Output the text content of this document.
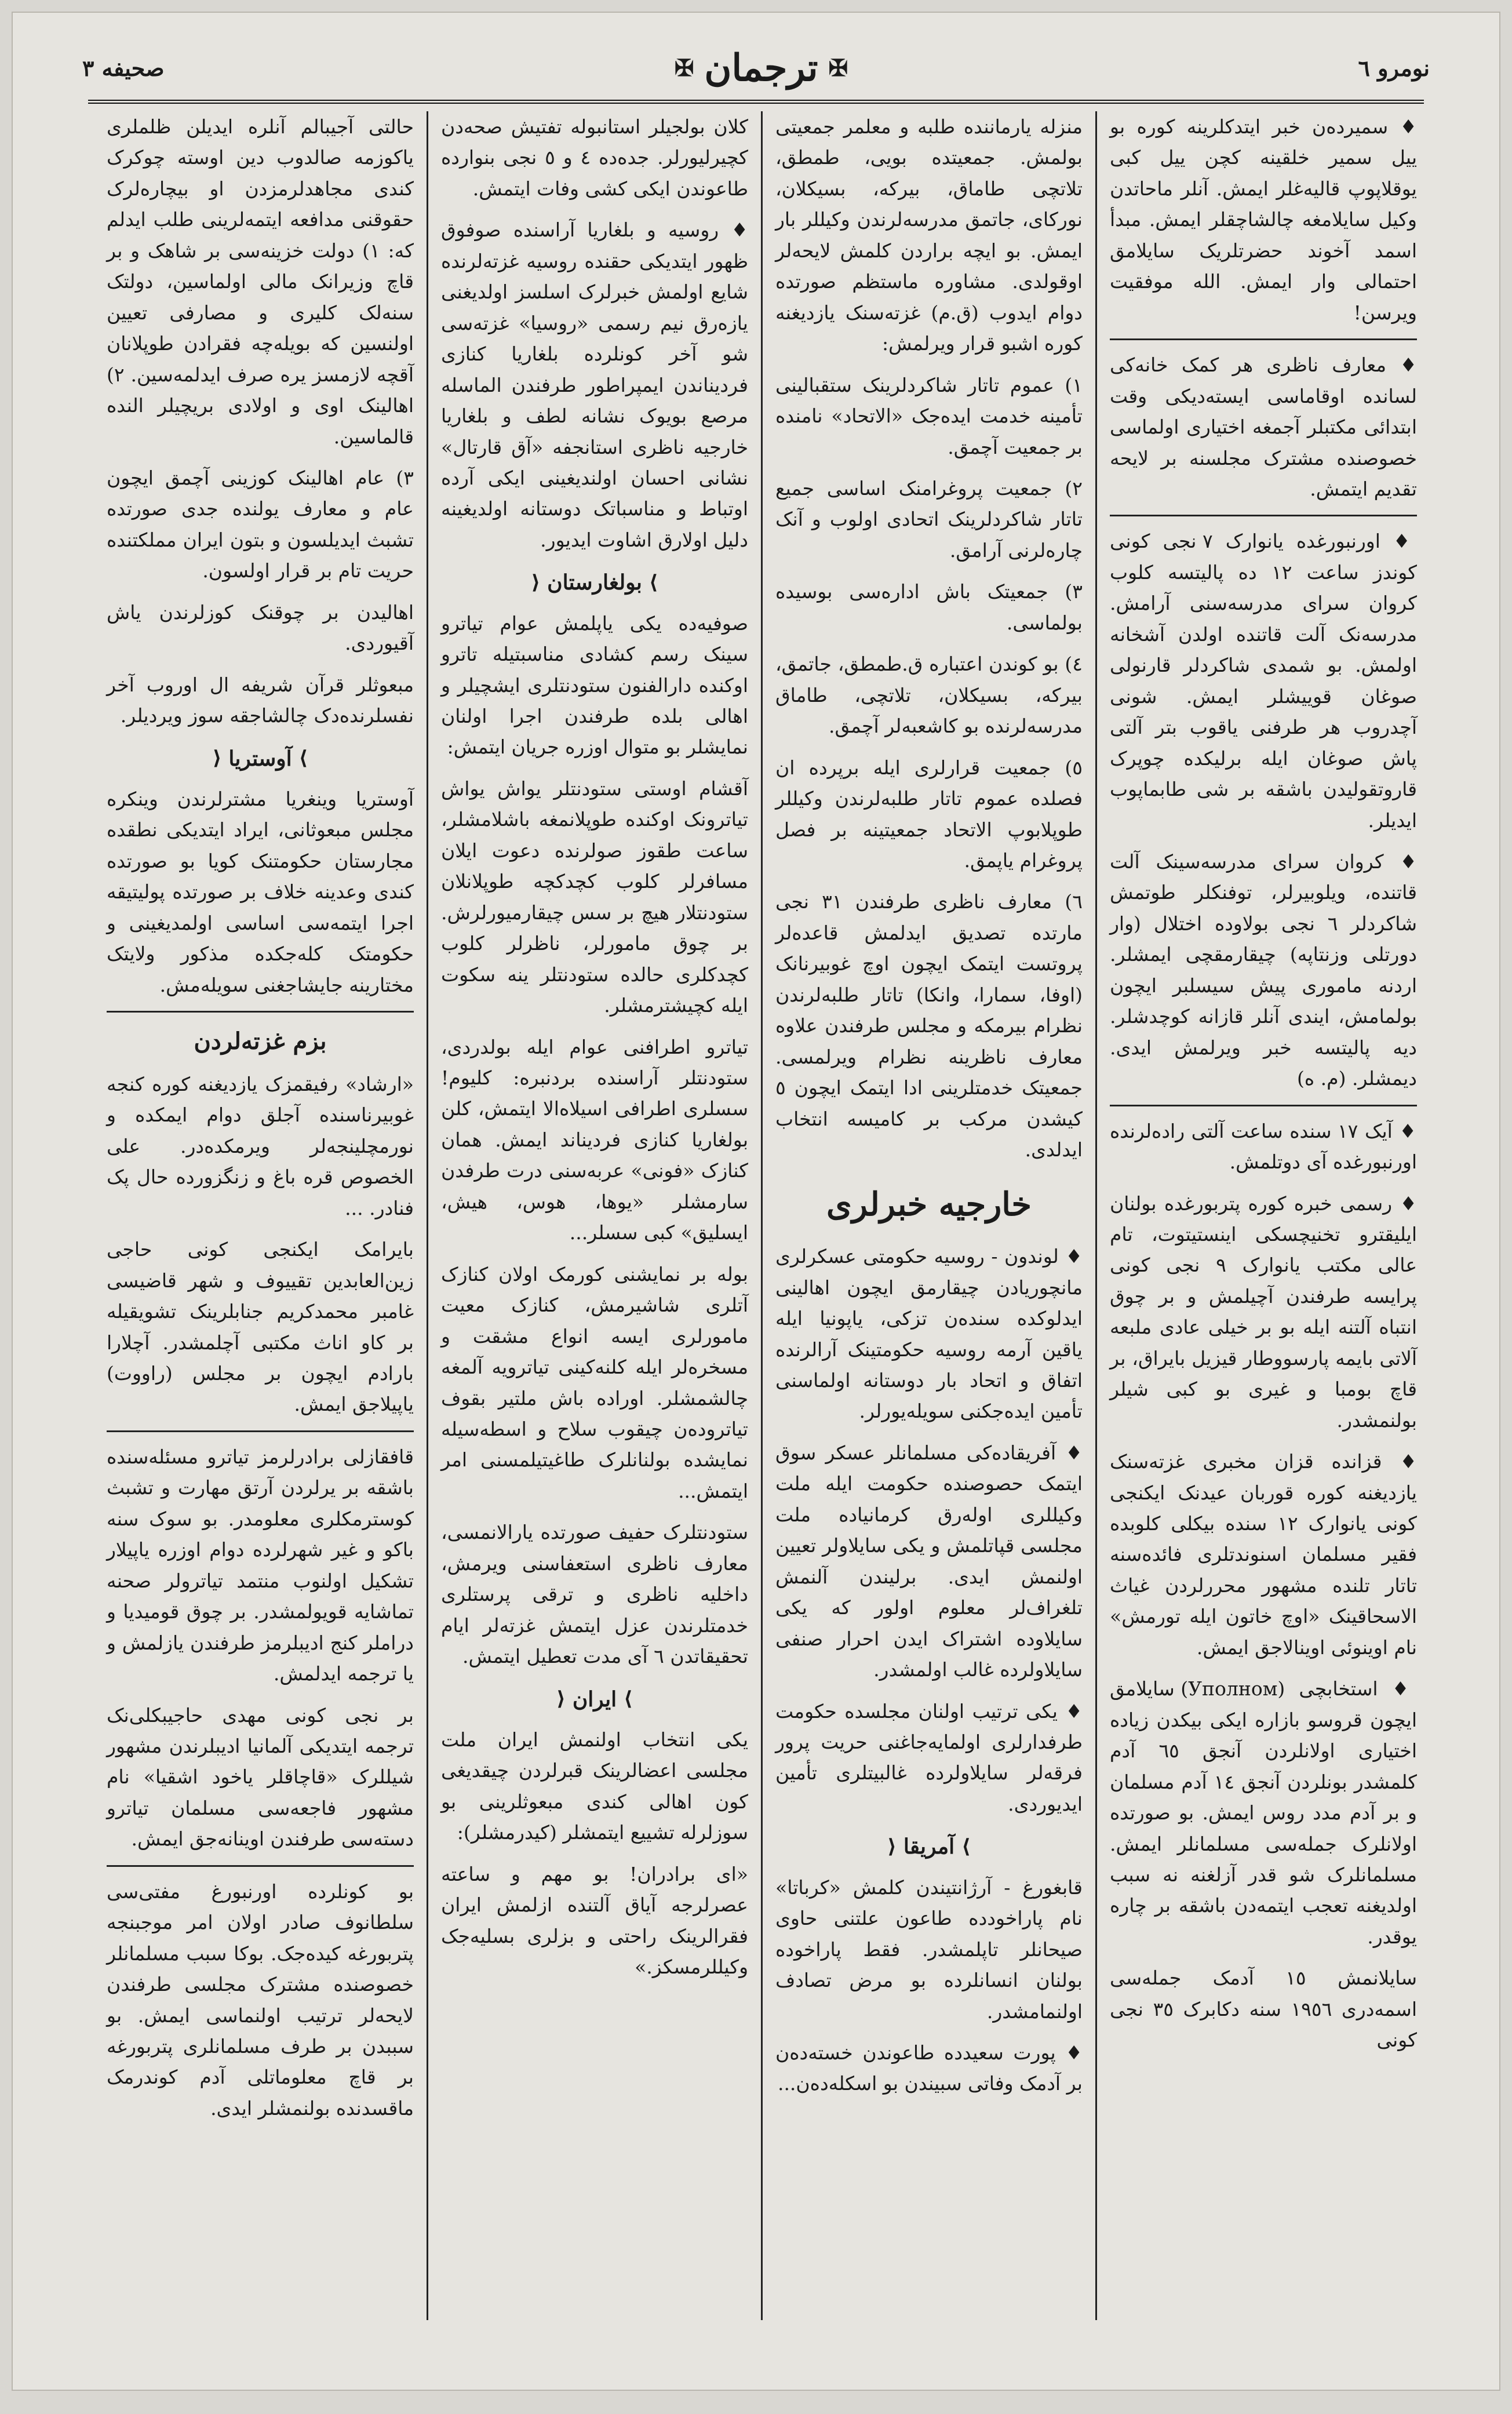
نومرو ٦
✠
ترجمان
✠
صحیفه ٣

♦ سمیرده‌ن خبر ایتدکلرینه کوره بو ییل سمیر خلقینه کچن ییل کبی یوقلاپوپ قالیه‌غلر ایمش. آنلر ماحاتدن وکیل سایلامغه چالشاچقلر ایمش. مبدأ اسمد آخوند حضرتلریک سایلامق احتمالی وار ایمش. الله موفقیت ویرسن!

♦ معارف ناظری هر کمک خانه‌کی لسانده اوقاماسی ایسته‌دیکی وقت ابتدائی مکتبلر آجمغه اختیاری اولماسی خصوصنده مشترک مجلسنه بر لایحه تقدیم ایتمش.

♦ اورنبورغده یانوارک ٧ نجی کونی کوندز ساعت ١٢ ده پالیتسه کلوب کروان سرای مدرسه‌سنی آرامش. مدرسه‌نک آلت قاتنده اولدن آشخانه اولمش. بو شمدی شاکردلر قارنولی صوغان قوییشلر ایمش. شونی آچدروب هر طرفنی یاقوب بتر آلتی پاش صوغان ایله برلیکده چوپرک قاروتقولیدن باشقه بر شی طابماپوب ایدیلر.

♦ کروان سرای مدرسه‌سینک آلت قاتنده، ویلوبیرلر، توفنکلر طوتمش شاکردلر ٦ نجی بولاوده اختلال (وار دورتلی وزنتاپه) چیقارمقچی ایمشلر. اردنه ماموری پیش سیسلبر ایچون بولمامش، ایندی آنلر قازانه کوچدشلر. دیه پالیتسه خبر ویرلمش ایدی. دیمشلر. (م. ه)

♦ آیک ١٧ سنده ساعت آلتی راده‌لرنده اورنبورغده آی دوتلمش.

♦ رسمی خبره کوره پتربورغده بولنان ایلیقترو تخنیچسکی اینستیتوت، تام عالی مکتب یانوارک ٩ نجی کونی پرایسه طرفندن آچیلمش و بر چوق انتباه آلتنه ایله بو بر خیلی عادی ملبعه آلاتی بایمه پارسووطار قیزیل بایراق، بر قاچ بومبا و غیری بو کبی شیلر بولنمشدر.

♦ قزانده قزان مخبری غزته‌سنک یازدیغنه کوره قوربان عیدنک ایکنجی کونی یانوارک ١٢ سنده بیکلی کلوبده فقیر مسلمان اسنوندتلری فائده‌سنه تاتار تلنده مشهور محررلردن غیاث الاسحاقینک «اوچ خاتون ایله تورمش» نام اوینوئی اوینالاجق ایمش.

♦ استخابچی (Уполном) سایلامق ایچون قروسو بازاره ایکی بیکدن زیاده اختیاری اولانلردن آنجق ٦٥ آدم کلمشدر بونلردن آنجق ١٤ آدم مسلمان و بر آدم مدد روس ایمش. بو صورتده اولانلرک جمله‌سی مسلمانلر ایمش. مسلمانلرک شو قدر آزلغنه نه سبب اولدیغنه تعجب ایتمه‌دن باشقه بر چاره یوقدر.

سایلانمش ١٥ آدمک جمله‌سی اسمه‌دری ١٩٥٦ سنه دکابرک ٣٥ نجی کونی

منزله یارماننده طلبه و معلمر جمعیتی بولمش. جمعیتده بویی، طمطق، تلاتچی طاماق، بیرکه، بسیکلان، نورکای، جاتمق مدرسه‌لرندن وکیللر بار ایمش. بو ایچه براردن کلمش لایحه‌لر اوقولدی. مشاوره ماستظم صورتده دوام ایدوب (ق.م) غزته‌سنک یازدیغنه کوره اشبو قرار ویرلمش:

١) عموم تاتار شاکردلرینک ستقبالینی تأمینه خدمت ایده‌جک «الاتحاد» نامنده بر جمعیت آچمق.

٢) جمعیت پروغرامنک اساسی جمیع تاتار شاکردلرینک اتحادی اولوب و آنک چاره‌لرنی آرامق.

٣) جمعیتک باش اداره‌سی بوسیده بولماسی.

٤) بو کوندن اعتباره ق.طمطق، جاتمق، بیرکه، بسیکلان، تلاتچی، طاماق مدرسه‌لرنده بو کاشعبه‌لر آچمق.

٥) جمعیت قرارلری ایله برپرده ان فصلده عموم تاتار طلبه‌لرندن وکیللر طوپلابوپ الاتحاد جمعیتینه بر فصل پروغرام یاپمق.

٦) معارف ناظری طرفندن ٣١ نجی مارتده تصدیق ایدلمش قاعده‌لر پروتست ایتمک ایچون اوچ غوبیرنانک (اوفا، سمارا، وانکا) تاتار طلبه‌لرندن نظرام بیرمکه و مجلس طرفندن علاوه معارف ناظرینه نظرام ویرلمسی. جمعیتک خدمتلرینی ادا ایتمک ایچون ٥ کیشدن مرکب بر کامیسه انتخاب ایدلدی.

خارجیه خبرلری

♦ لوندون - روسیه حکومتی عسکرلری مانچوریادن چیقارمق ایچون اهالینی ایدلوکده سنده‌ن تزکی، یاپونیا ایله یاقین آرمه روسیه حکومتینک آرالرنده اتفاق و اتحاد بار دوستانه اولماسنی تأمین ایده‌جکنی سویله‌یورلر.

♦ آفریقاده‌کی مسلمانلر عسکر سوق ایتمک حصوصنده حکومت ایله ملت وکیللری اوله‌رق کرمانیاده ملت مجلسی قپاتلمش و یکی سایلاولر تعیین اولنمش ایدی. برلیندن آلنمش تلغراف‌لر معلوم اولور که یکی سایلاوده اشتراک ایدن احرار صنفی سایلاولرده غالب اولمشدر.

♦ یکی ترتیب اولنان مجلسده حکومت طرفدارلری اولمایه‌جاغنی حریت پرور فرقه‌لر سایلاولرده غالبیتلری تأمین ایدیوردی.

⟩
آمریقا
⟨

قابغورغ - آرژانتیندن کلمش «کرباتا» نام پاراخودده طاعون علتنی حاوی صیحانلر تاپلمشدر. فقط پاراخوده بولنان انسانلرده بو مرض تصادف اولنمامشدر.

♦ پورت سعیدده طاعوندن خسته‌ده‌ن بر آدمک وفاتی سبیندن بو اسکله‌ده‌ن...

کلان بولجیلر استانبوله تفتیش صحه‌دن کچیرلیورلر. جده‌ده ٤ و ٥ نجی بنوارده طاعوندن ایکی کشی وفات ایتمش.

♦ روسیه و بلغاریا آراسنده صوفوق ظهور ایتدیکی حقنده روسیه غزته‌لرنده شایع اولمش خبرلرک اسلسز اولدیغنی یازه‌رق نیم رسمی «روسیا» غزته‌سی شو آخر کونلرده بلغاریا کنازی فردیناندن ایمپراطور طرفندن الماسله مرصع بویوک نشانه لطف و بلغاریا خارجیه ناظری استانجفه «آق قارتال» نشانی احسان اولندیغینی ایکی آرده اوتباط و مناسباتک دوستانه اولدیغینه دلیل اولارق اشاوت ایدیور.

⟩
بولغارستان
⟨

صوفیه‌ده یکی یاپلمش عوام تیاترو سینک رسم کشادی مناسبتیله تاترو اوکنده دارالفنون ستودنتلری ایشچیلر و اهالی بلده طرفندن اجرا اولنان نمایشلر بو متوال اوزره جریان ایتمش:

آقشام اوستی ستودنتلر یواش یواش تیاترونک اوکنده طوپلانمغه باشلامشلر، ساعت طقوز صولرنده دعوت ایلان مسافرلر کلوب کچدکچه طوپلانلان ستودنتلار هیچ بر سس چیقارمیورلرش. بر چوق مامورلر، ناظرلر کلوب کچدکلری حالده ستودنتلر ینه سکوت ایله کچیشترمشلر.

تیاترو اطرافنی عوام ایله بولدردی، ستودنتلر آراسنده بردنبره: کلیوم! سسلری اطرافی اسیلاه‌الا ایتمش، کلن بولغاریا کنازی فردیناند ایمش. همان کنازک «فونی» عربه‌سنی درت طرفدن سارمشلر «یوها، هوس، هیش، ایسلیق» کبی سسلر...

بوله بر نمایشنی کورمک اولان کنازک آتلری شاشیرمش، کنازک معیت مامورلری ایسه انواع مشقت و مسخره‌لر ایله کلنه‌کینی تیاترویه آلمغه چالشمشلر. اوراده باش ملتیر بقوف تیاتروده‌ن چیقوب سلاح و اسطه‌سیله نمایشده بولنانلرک طاغیتیلمسنی امر ایتمش...

ستودنتلرک حفیف صورتده یارالانمسی، معارف ناظری استعفاسنی ویرمش، داخلیه ناظری و ترقی پرستلری خدمتلرندن عزل ایتمش غزته‌لر ایام تحقیقاتدن ٦ آی مدت تعطیل ایتمش.

⟩
ایران
⟨

یکی انتخاب اولنمش ایران ملت مجلسی اعضالرینک قبرلردن چیقدیغی کون اهالی کندی مبعوثلرینی بو سوزلرله تشییع ایتمشلر (کیدرمشلر):

«ای برادران! بو مهم و ساعته عصرلرجه آیاق آلتنده ازلمش ایران فقرالرینک راحتی و بزلری بسلیه‌جک وکیللرمسکز.»

حالتی آجیبالم آنلره ایدیلن ظلملری یاکوزمه صالدوب دین اوسته چوکرک کندی مجاهدلرمزدن او بیچاره‌لرک حقوقنی مدافعه ایتمه‌لرینی طلب ایدلم که: ١) دولت خزینه‌سی بر شاهک و بر قاچ وزیرانک مالی اولماسین، دولتک سنه‌لک کلیری و مصارفی تعیین اولنسین که بویله‌چه فقرادن طوپلانان آقچه لازمسز یره صرف ایدلمه‌سین. ٢) اهالینک اوی و اولادی بریچیلر النده قالماسین.

٣) عام اهالینک کوزینی آچمق ایچون عام و معارف یولنده جدی صورتده تشبث ایدیلسون و بتون ایران مملکتنده حریت تام بر قرار اولسون.

اهالیدن بر چوقنک کوزلرندن یاش آقیوردی.

مبعوثلر قرآن شریفه ال اوروب آخر نفسلرنده‌دک چالشاجقه سوز ویردیلر.

⟩
آوستریا
⟨

آوستریا وینغریا مشترلرندن وینکره مجلس مبعوثانی، ایراد ایتدیکی نطقده مجارستان حکومتنک کویا بو صورتده کندی وعدینه خلاف بر صورتده پولیتیقه اجرا ایتمه‌سی اساسی اولمدیغینی و حکومتک کله‌جکده مذکور ولایتک مختارینه جایشاجغنی سویله‌مش.

بزم غزته‌لردن

«ارشاد» رفیقمزک یازدیغنه کوره کنجه غوبیرناسنده آجلق دوام ایمکده و نورمچلینجه‌لر ویرمکده‌در. علی الخصوص قره باغ و زنگزورده حال پک فنادر. ...

بایرامک ایکنجی کونی حاجی زین‌العابدین تقییوف و شهر قاضیسی غامبر محمدکریم جنابلرینک تشویقیله بر کاو اناث مکتبی آچلمشدر. آچلارا بارادم ایچون بر مجلس (راووت) یاپیلاجق ایمش.

قافقازلی برادرلرمز تیاترو مسئله‌سنده باشقه بر یرلردن آرتق مهارت و تشبث کوسترمکلری معلومدر. بو سوک سنه باکو و غیر شهرلرده دوام اوزره یاپیلار تشکیل اولنوب منتمد تیاترولر صحنه تماشایه قویولمشدر. بر چوق قومیدیا و دراملر کنج ادیبلرمز طرفندن یازلمش و یا ترجمه ایدلمش.

بر نجی کونی مهدی حاجیبکلی‌نک ترجمه ایتدیکی آلمانیا ادیبلرندن مشهور شیللرک «قاچاقلر یاخود اشقیا» نام مشهور فاجعه‌سی مسلمان تیاترو دسته‌سی طرفندن اوینانه‌جق ایمش.

بو کونلرده اورنبورغ مفتی‌سی سلطانوف صادر اولان امر موجبنجه پتربورغه کیده‌جک. بوکا سبب مسلمانلر خصوصنده مشترک مجلسی طرفندن لایحه‌لر ترتیب اولنماسی ایمش. بو سببدن بر طرف مسلمانلری پتربورغه بر قاچ معلوماتلی آدم کوندرمک ماقسدنده بولنمشلر ایدی.
